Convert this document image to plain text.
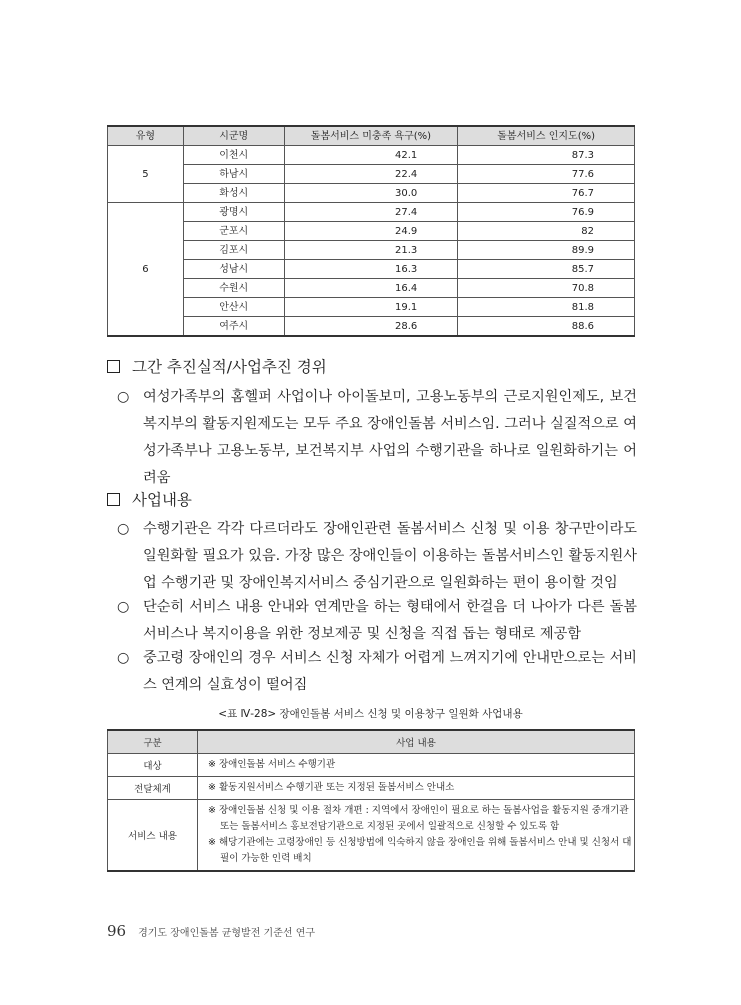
유형	시군명	돌봄서비스 미충족 욕구(%)	돌봄서비스 인지도(%)
5	이천시	42.1	87.3
	하남시	22.4	77.6
	화성시	30.0	76.7
6	광명시	27.4	76.9
	군포시	24.9	82
	김포시	21.3	89.9
	성남시	16.3	85.7
	수원시	16.4	70.8
	안산시	19.1	81.8
	여주시	28.6	88.6
그간 추진실적/사업추진 경위
○ 여성가족부의 홈헬퍼 사업이나 아이돌보미, 고용노동부의 근로지원인제도, 보건복지부의 활동지원제도는 모두 주요 장애인돌봄 서비스임. 그러나 실질적으로 여성가족부나 고용노동부, 보건복지부 사업의 수행기관을 하나로 일원화하기는 어려움
사업내용
○ 수행기관은 각각 다르더라도 장애인관련 돌봄서비스 신청 및 이용 창구만이라도 일원화할 필요가 있음. 가장 많은 장애인들이 이용하는 돌봄서비스인 활동지원사업 수행기관 및 장애인복지서비스 중심기관으로 일원화하는 편이 용이할 것임
○ 단순히 서비스 내용 안내와 연계만을 하는 형태에서 한걸음 더 나아가 다른 돌봄서비스나 복지이용을 위한 정보제공 및 신청을 직접 돕는 형태로 제공함
○ 중고령 장애인의 경우 서비스 신청 자체가 어렵게 느껴지기에 안내만으로는 서비스 연계의 실효성이 떨어짐
<표 Ⅳ-28> 장애인돌봄 서비스 신청 및 이용창구 일원화 사업내용
구분	사업 내용
대상	※ 장애인돌봄 서비스 수행기관

전달체계	※ 활동지원서비스 수행기관 또는 지정된 돌봄서비스 안내소

서비스 내용	※ 장애인돌봄 신청 및 이용 절차 개편 : 지역에서 장애인이 필요로 하는 돌봄사업을 활동지원 중개기관 또는 돌봄서비스 홍보전담기관으로 지정된 곳에서 일괄적으로 신청할 수 있도록 함
※ 해당기관에는 고령장애인 등 신청방법에 익숙하지 않을 장애인을 위해 돌봄서비스 안내 및 신청서 대필이 가능한 인력 배치
96 경기도 장애인돌봄 균형발전 기준선 연구
